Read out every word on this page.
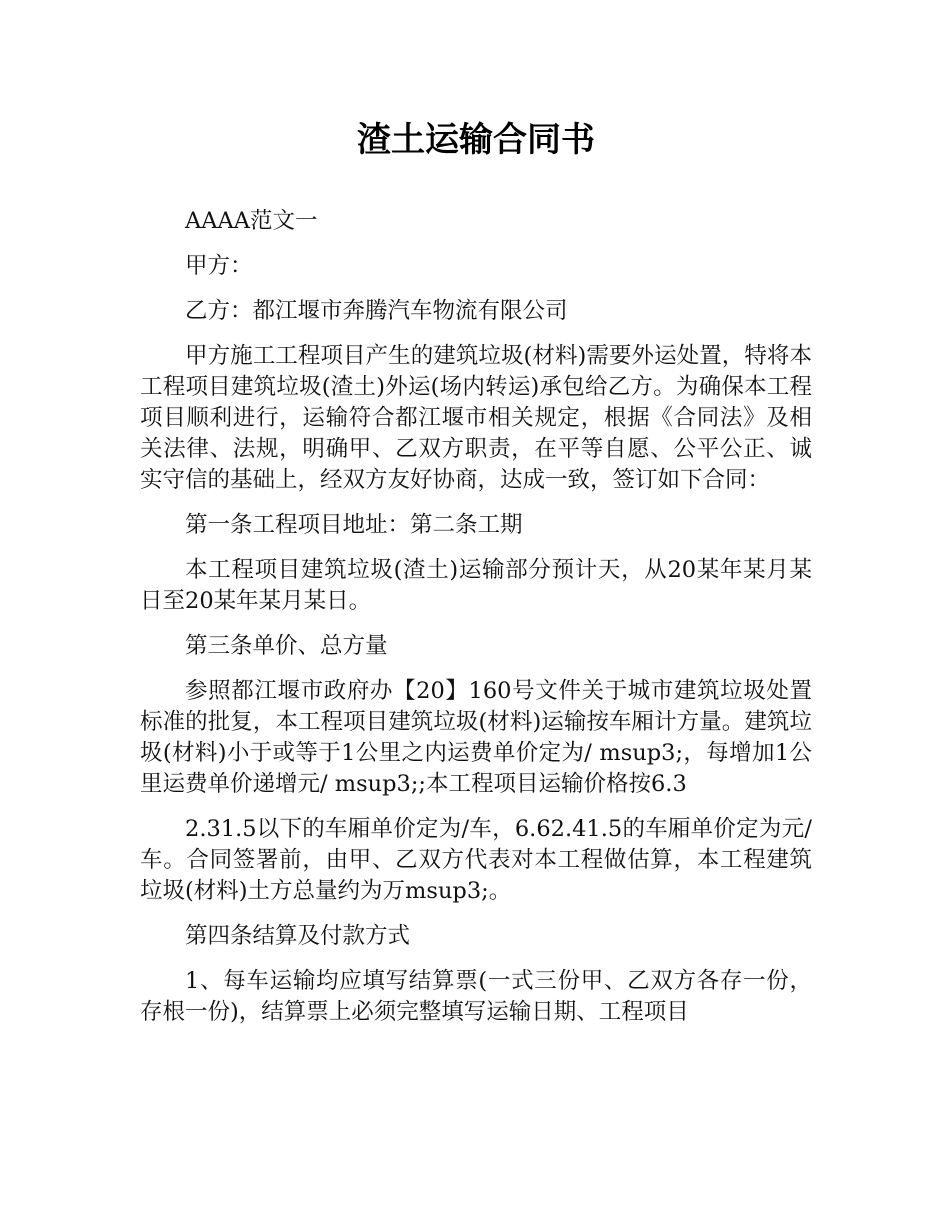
渣土运输合同书

AAAA范文一

甲方：

乙方：都江堰市奔腾汽车物流有限公司

甲方施工工程项目产生的建筑垃圾(材料)需要外运处置，特将本工程项目建筑垃圾(渣土)外运(场内转运)承包给乙方。为确保本工程项目顺利进行，运输符合都江堰市相关规定，根据《合同法》及相关法律、法规，明确甲、乙双方职责，在平等自愿、公平公正、诚实守信的基础上，经双方友好协商，达成一致，签订如下合同：

第一条工程项目地址：第二条工期

本工程项目建筑垃圾(渣土)运输部分预计天，从20某年某月某日至20某年某月某日。

第三条单价、总方量

参照都江堰市政府办【20】160号文件关于城市建筑垃圾处置标准的批复，本工程项目建筑垃圾(材料)运输按车厢计方量。建筑垃圾(材料)小于或等于1公里之内运费单价定为/ msup3;，每增加1公里运费单价递增元/ msup3;;本工程项目运输价格按6.3

2.31.5以下的车厢单价定为/车，6.62.41.5的车厢单价定为元/车。合同签署前，由甲、乙双方代表对本工程做估算，本工程建筑垃圾(材料)土方总量约为万msup3;。

第四条结算及付款方式

1、每车运输均应填写结算票(一式三份甲、乙双方各存一份，存根一份)，结算票上必须完整填写运输日期、工程项目
